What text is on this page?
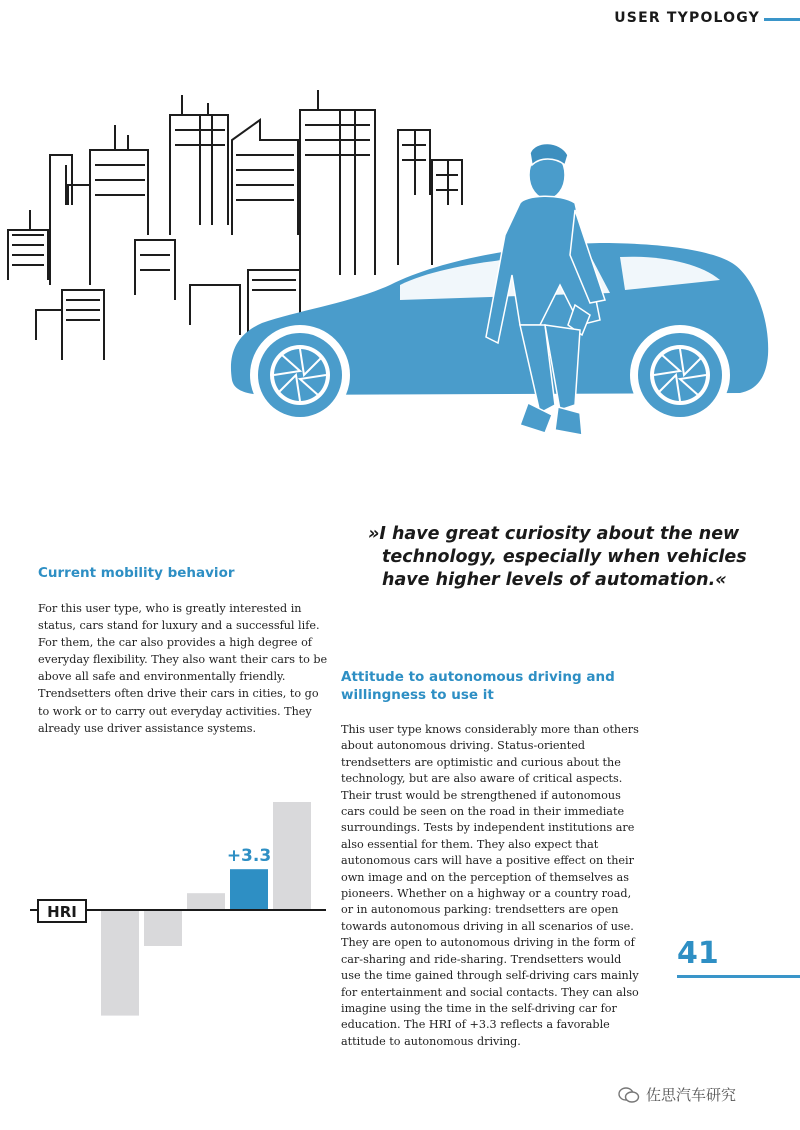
USER TYPOLOGY
»I have great curiosity about the new
technology, especially when vehicles
have higher levels of automation.«
Current mobility behavior
For this user type, who is greatly interested in status, cars stand for luxury and a successful life. For them, the car also provides a high degree of everyday flexibility. They also want their cars to be above all safe and environmentally friendly. Trendsetters often drive their cars in cities, to go to work or to carry out everyday activities. They already use driver assistance systems.
Attitude to autonomous driving and willingness to use it
This user type knows considerably more than others about autonomous driving. Status-oriented trendsetters are optimistic and curious about the technology, but are also aware of critical aspects. Their trust would be strengthened if autonomous cars could be seen on the road in their immediate surroundings. Tests by independent institutions are also essential for them. They also expect that autonomous cars will have a positive effect on their own image and on the perception of themselves as pioneers. Whether on a highway or a country road, or in autonomous parking: trendsetters are open towards autonomous driving in all scenarios of use. They are open to autonomous driving in the form of car-sharing and ride-sharing. Trendsetters would use the time gained through self-driving cars mainly for entertainment and social contacts. They can also imagine using the time in the self-driving car for education. The HRI of +3.3 reflects a favorable attitude to autonomous driving.
HRI
+3.3
41
佐思汽车研究
